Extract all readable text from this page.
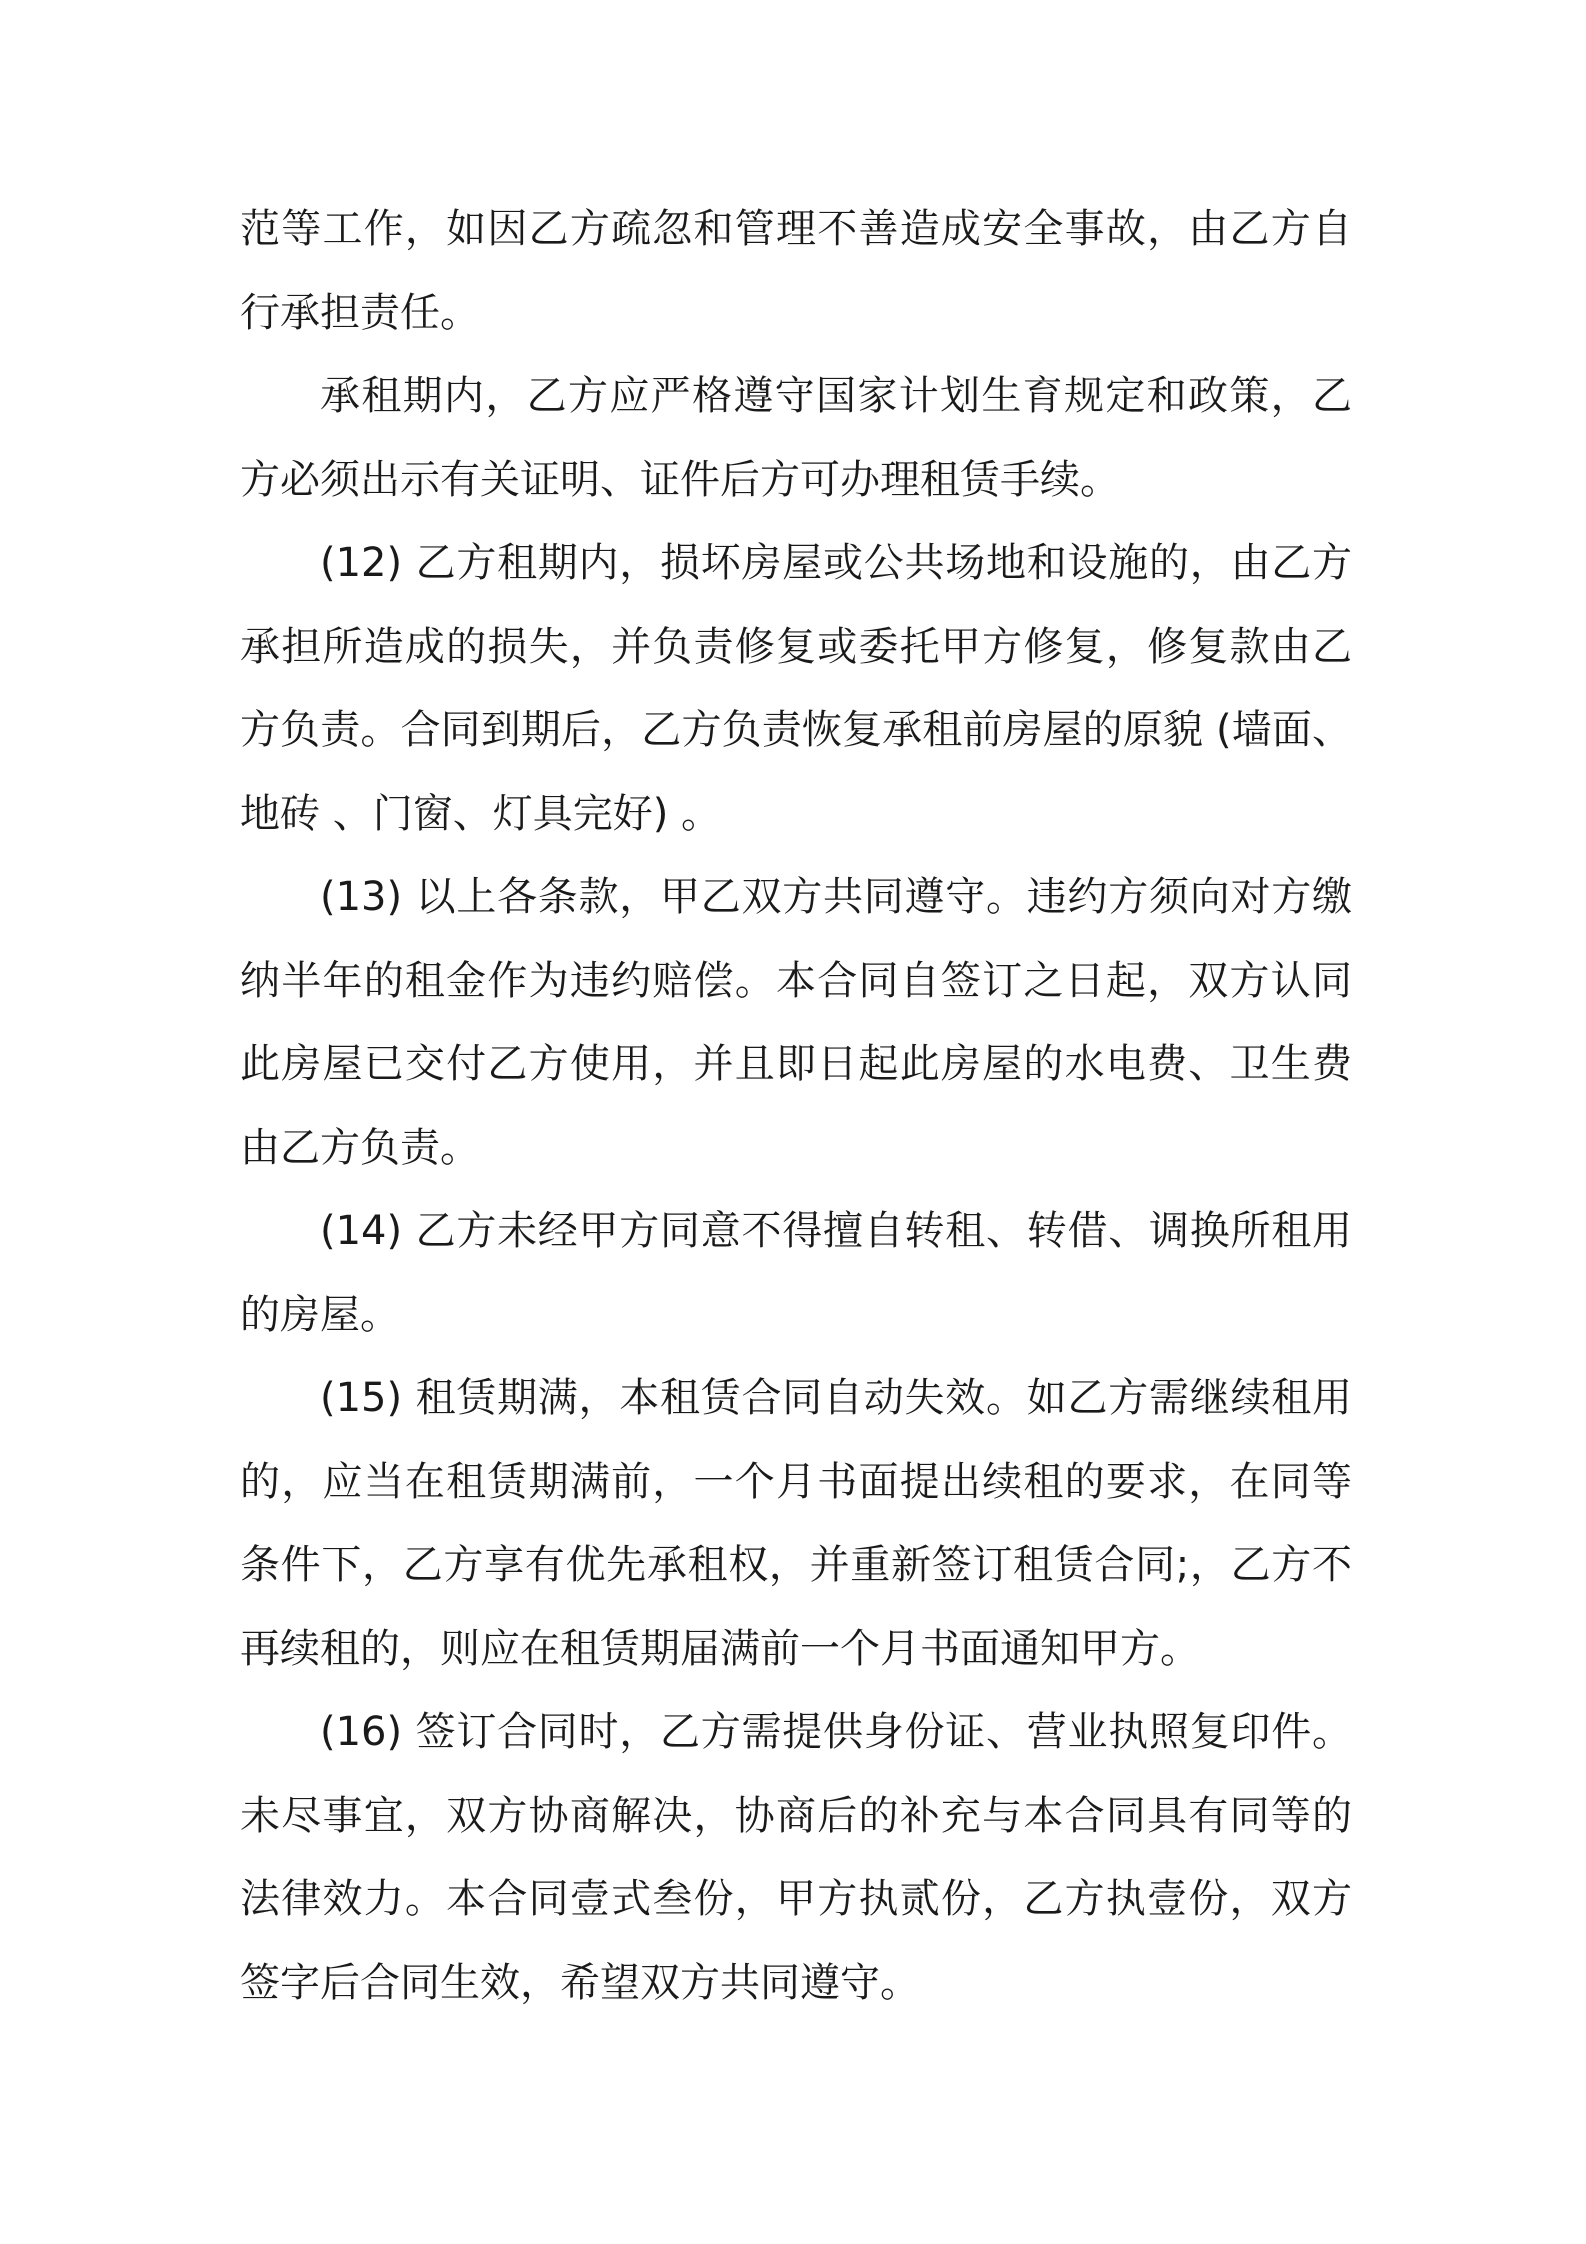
范等工作，如因乙方疏忽和管理不善造成安全事故，由乙方自行承担责任。

承租期内，乙方应严格遵守国家计划生育规定和政策，乙方必须出示有关证明、证件后方可办理租赁手续。

(12) 乙方租期内，损坏房屋或公共场地和设施的，由乙方承担所造成的损失，并负责修复或委托甲方修复，修复款由乙方负责。合同到期后，乙方负责恢复承租前房屋的原貌 (墙面、地砖 、门窗、灯具完好) 。

(13) 以上各条款，甲乙双方共同遵守。违约方须向对方缴纳半年的租金作为违约赔偿。本合同自签订之日起，双方认同此房屋已交付乙方使用，并且即日起此房屋的水电费、卫生费由乙方负责。

(14) 乙方未经甲方同意不得擅自转租、转借、调换所租用的房屋。

(15) 租赁期满，本租赁合同自动失效。如乙方需继续租用的，应当在租赁期满前，一个月书面提出续租的要求，在同等条件下，乙方享有优先承租权，并重新签订租赁合同;，乙方不再续租的，则应在租赁期届满前一个月书面通知甲方。

(16) 签订合同时，乙方需提供身份证、营业执照复印件。未尽事宜，双方协商解决，协商后的补充与本合同具有同等的法律效力。本合同壹式叁份，甲方执贰份，乙方执壹份，双方签字后合同生效，希望双方共同遵守。
